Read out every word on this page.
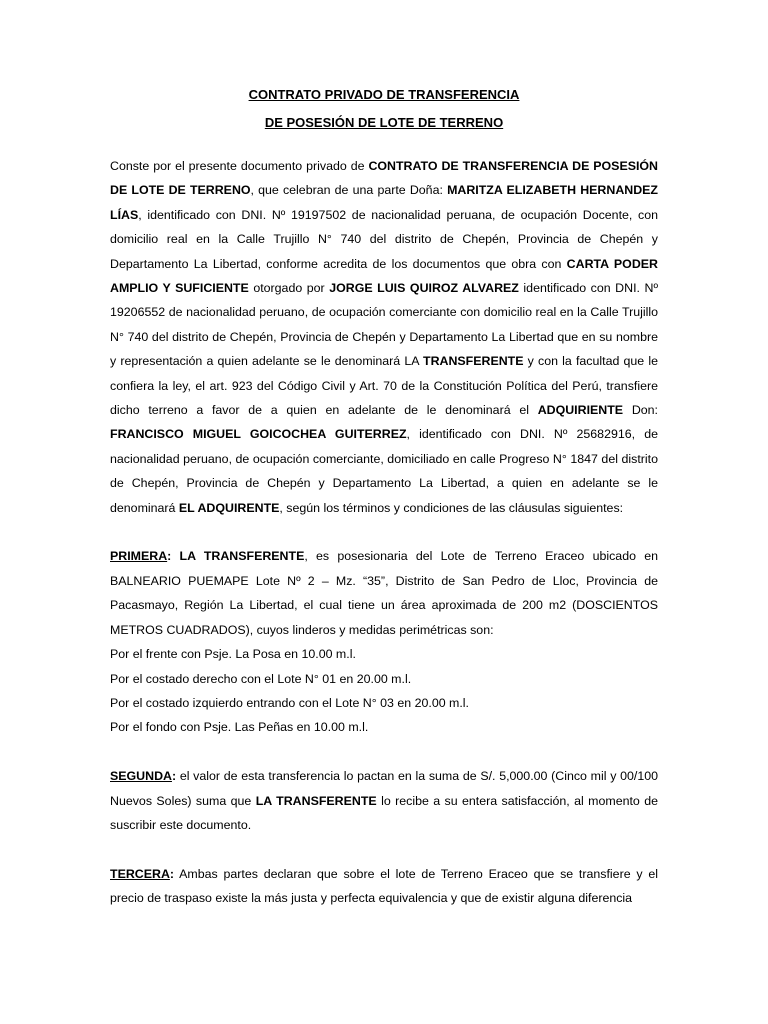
CONTRATO PRIVADO DE TRANSFERENCIA
DE POSESIÓN DE LOTE DE TERRENO

Conste por el presente documento privado de CONTRATO DE TRANSFERENCIA DE POSESIÓN DE LOTE DE TERRENO, que celebran de una parte Doña: MARITZA ELIZABETH HERNANDEZ LÍAS, identificado con DNI. Nº 19197502 de nacionalidad peruana, de ocupación Docente, con domicilio real en la Calle Trujillo N° 740 del distrito de Chepén, Provincia de Chepén y Departamento La Libertad, conforme acredita de los documentos que obra con CARTA PODER AMPLIO Y SUFICIENTE otorgado por JORGE LUIS QUIROZ ALVAREZ identificado con DNI. Nº 19206552 de nacionalidad peruano, de ocupación comerciante con domicilio real en la Calle Trujillo N° 740 del distrito de Chepén, Provincia de Chepén y Departamento La Libertad que en su nombre y representación a quien adelante se le denominará LA TRANSFERENTE y con la facultad que le confiera la ley, el art. 923 del Código Civil y Art. 70 de la Constitución Política del Perú, transfiere dicho terreno a favor de a quien en adelante de le denominará el ADQUIRIENTE Don: FRANCISCO MIGUEL GOICOCHEA GUITERREZ, identificado con DNI. Nº 25682916, de nacionalidad peruano, de ocupación comerciante, domiciliado en calle Progreso N° 1847 del distrito de Chepén, Provincia de Chepén y Departamento La Libertad, a quien en adelante se le denominará EL ADQUIRENTE, según los términos y condiciones de las cláusulas siguientes:

PRIMERA: LA TRANSFERENTE, es posesionaria del Lote de Terreno Eraceo ubicado en BALNEARIO PUEMAPE Lote Nº 2 – Mz. “35”, Distrito de San Pedro de Lloc, Provincia de Pacasmayo, Región La Libertad, el cual tiene un área aproximada de 200 m2 (DOSCIENTOS METROS CUADRADOS), cuyos linderos y medidas perimétricas son:

Por el frente con Psje. La Posa en 10.00 m.l.

Por el costado derecho con el Lote N° 01 en 20.00 m.l.

Por el costado izquierdo entrando con el Lote N° 03 en 20.00 m.l.

Por el fondo con Psje. Las Peñas en 10.00 m.l.

SEGUNDA: el valor de esta transferencia lo pactan en la suma de S/. 5,000.00 (Cinco mil y 00/100 Nuevos Soles) suma que LA TRANSFERENTE lo recibe a su entera satisfacción, al momento de suscribir este documento.

TERCERA: Ambas partes declaran que sobre el lote de Terreno Eraceo que se transfiere y el precio de traspaso existe la más justa y perfecta equivalencia y que de existir alguna diferencia
